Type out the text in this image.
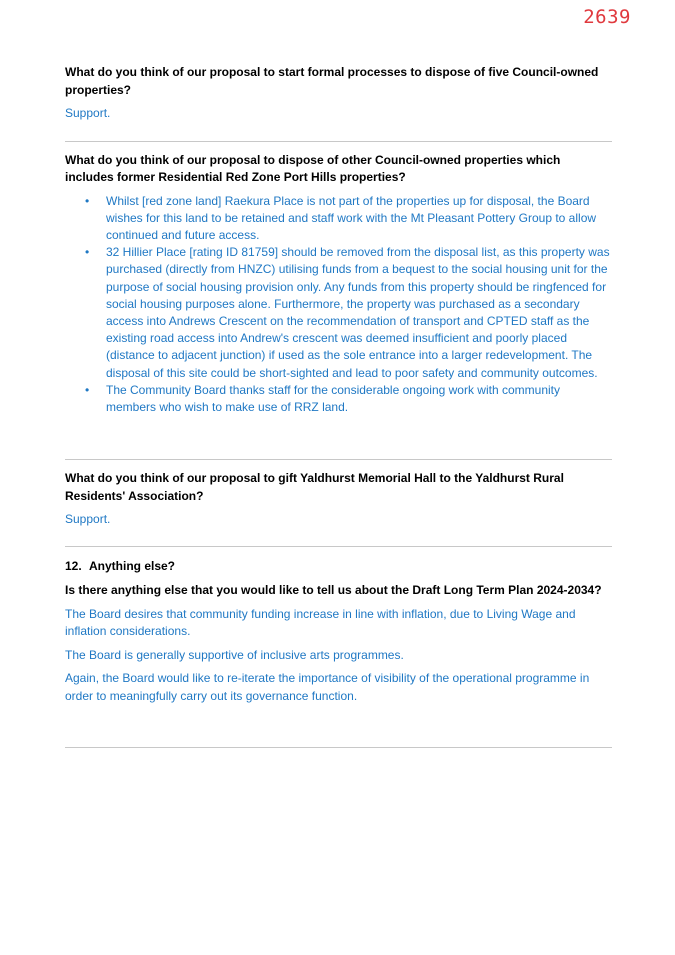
2639

What do you think of our proposal to start formal processes to dispose of five Council-owned properties?

Support.

What do you think of our proposal to dispose of other Council-owned properties which includes former Residential Red Zone Port Hills properties?

• Whilst [red zone land] Raekura Place is not part of the properties up for disposal, the Board wishes for this land to be retained and staff work with the Mt Pleasant Pottery Group to allow continued and future access.
• 32 Hillier Place [rating ID 81759] should be removed from the disposal list, as this property was purchased (directly from HNZC) utilising funds from a bequest to the social housing unit for the purpose of social housing provision only. Any funds from this property should be ringfenced for social housing purposes alone. Furthermore, the property was purchased as a secondary access into Andrews Crescent on the recommendation of transport and CPTED staff as the existing road access into Andrew's crescent was deemed insufficient and poorly placed (distance to adjacent junction) if used as the sole entrance into a larger redevelopment. The disposal of this site could be short-sighted and lead to poor safety and community outcomes.
• The Community Board thanks staff for the considerable ongoing work with community members who wish to make use of RRZ land.

What do you think of our proposal to gift Yaldhurst Memorial Hall to the Yaldhurst Rural Residents' Association?

Support.

12. Anything else?

Is there anything else that you would like to tell us about the Draft Long Term Plan 2024-2034?

The Board desires that community funding increase in line with inflation, due to Living Wage and inflation considerations.

The Board is generally supportive of inclusive arts programmes.

Again, the Board would like to re-iterate the importance of visibility of the operational programme in order to meaningfully carry out its governance function.
